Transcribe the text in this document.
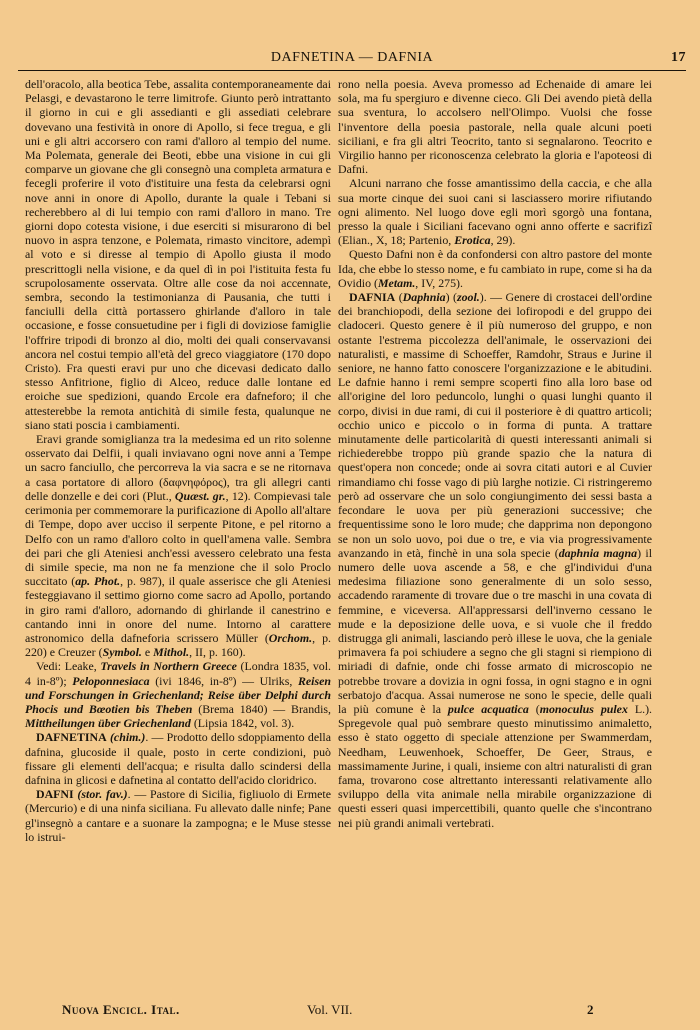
DAFNETINA — DAFNIA	17

dell'oracolo, alla beotica Tebe, assalita contemporaneamente dai Pelasgi, e devastarono le terre limitrofe. Giunto però intrattanto il giorno in cui e gli assedianti e gli assediati celebrare dovevano una festività in onore di Apollo, si fece tregua, e gli uni e gli altri accorsero con rami d'alloro al tempio del nume. Ma Polemata, generale dei Beoti, ebbe una visione in cui gli comparve un giovane che gli consegnò una completa armatura e fecegli proferire il voto d'istituire una festa da celebrarsi ogni nove anni in onore di Apollo, durante la quale i Tebani si recherebbero al di lui tempio con rami d'alloro in mano. Tre giorni dopo cotesta visione, i due eserciti si misurarono di bel nuovo in aspra tenzone, e Polemata, rimasto vincitore, adempì al voto e si diresse al tempio di Apollo giusta il modo prescrittogli nella visione, e da quel dì in poi l'istituita festa fu scrupolosamente osservata. Oltre alle cose da noi accennate, sembra, secondo la testimonianza di Pausania, che tutti i fanciulli della città portassero ghirlande d'alloro in tale occasione, e fosse consuetudine per i figli di doviziose famiglie l'offrire tripodi di bronzo al dio, molti dei quali conservavansi ancora nel costui tempio all'età del greco viaggiatore (170 dopo Cristo). Fra questi eravi pur uno che dicevasi dedicato dallo stesso Anfitrione, figlio di Alceo, reduce dalle lontane ed eroiche sue spedizioni, quando Ercole era dafneforo; il che attesterebbe la remota antichità di simile festa, qualunque ne siano stati poscia i cambiamenti.

Eravi grande somiglianza tra la medesima ed un rito solenne osservato dai Delfii, i quali inviavano ogni nove anni a Tempe un sacro fanciullo, che percorreva la via sacra e se ne ritornava a casa portatore di alloro (δαφνηφόρος), tra gli allegri canti delle donzelle e dei cori (Plut., Quæst. gr., 12). Compievasi tale cerimonia per commemorare la purificazione di Apollo all'altare di Tempe, dopo aver ucciso il serpente Pitone, e pel ritorno a Delfo con un ramo d'alloro colto in quell'amena valle. Sembra dei pari che gli Ateniesi anch'essi avessero celebrato una festa di simile specie, ma non ne fa menzione che il solo Proclo succitato (ap. Phot., p. 987), il quale asserisce che gli Ateniesi festeggiavano il settimo giorno come sacro ad Apollo, portando in giro rami d'alloro, adornando di ghirlande il canestrino e cantando inni in onore del nume. Intorno al carattere astronomico della dafneforia scrissero Müller (Orchom., p. 220) e Creuzer (Symbol. e Mithol., II, p. 160).

Vedi: Leake, Travels in Northern Greece (Londra 1835, vol. 4 in-8º); Peloponnesiaca (ivi 1846, in-8º) — Ulriks, Reisen und Forschungen in Griechenland; Reise über Delphi durch Phocis und Bœotien bis Theben (Brema 1840) — Brandis, Mittheilungen über Griechenland (Lipsia 1842, vol. 3).

DAFNETINA (chim.). — Prodotto dello sdoppiamento della dafnina, glucoside il quale, posto in certe condizioni, può fissare gli elementi dell'acqua; e risulta dallo scindersi della dafnina in glicosi e dafnetina al contatto dell'acido cloridrico.

DAFNI (stor. fav.). — Pastore di Sicilia, figliuolo di Ermete (Mercurio) e di una ninfa siciliana. Fu allevato dalle ninfe; Pane gl'insegnò a cantare e a suonare la zampogna; e le Muse stesse lo istrui-

rono nella poesia. Aveva promesso ad Echenaide di amare lei sola, ma fu spergiuro e divenne cieco. Gli Dei avendo pietà della sua sventura, lo accolsero nell'Olimpo. Vuolsi che fosse l'inventore della poesia pastorale, nella quale alcuni poeti siciliani, e fra gli altri Teocrito, tanto si segnalarono. Teocrito e Virgilio hanno per riconoscenza celebrato la gloria e l'apoteosi di Dafni.

Alcuni narrano che fosse amantissimo della caccia, e che alla sua morte cinque dei suoi cani si lasciassero morire rifiutando ogni alimento. Nel luogo dove egli morì sgorgò una fontana, presso la quale i Siciliani facevano ogni anno offerte e sacrifizî (Elian., X, 18; Partenio, Erotica, 29).

Questo Dafni non è da confondersi con altro pastore del monte Ida, che ebbe lo stesso nome, e fu cambiato in rupe, come si ha da Ovidio (Metam., IV, 275).

DAFNIA (Daphnia) (zool.). — Genere di crostacei dell'ordine dei branchiopodi, della sezione dei lofiropodi e del gruppo dei cladoceri. Questo genere è il più numeroso del gruppo, e non ostante l'estrema piccolezza dell'animale, le osservazioni dei naturalisti, e massime di Schoeffer, Ramdohr, Straus e Jurine il seniore, ne hanno fatto conoscere l'organizzazione e le abitudini. Le dafnie hanno i remi sempre scoperti fino alla loro base od all'origine del loro peduncolo, lunghi o quasi lunghi quanto il corpo, divisi in due rami, di cui il posteriore è di quattro articoli; occhio unico e piccolo o in forma di punta. A trattare minutamente delle particolarità di questi interessanti animali si richiederebbe troppo più grande spazio che la natura di quest'opera non concede; onde ai sovra citati autori e al Cuvier rimandiamo chi fosse vago di più larghe notizie. Ci ristringeremo però ad osservare che un solo congiungimento dei sessi basta a fecondare le uova per più generazioni successive; che frequentissime sono le loro mude; che dapprima non depongono se non un solo uovo, poi due o tre, e via via progressivamente avanzando in età, finchè in una sola specie (daphnia magna) il numero delle uova ascende a 58, e che gl'individui d'una medesima filiazione sono generalmente di un solo sesso, accadendo raramente di trovare due o tre maschi in una covata di femmine, e viceversa. All'appressarsi dell'inverno cessano le mude e la deposizione delle uova, e si vuole che il freddo distrugga gli animali, lasciando però illese le uova, che la geniale primavera fa poi schiudere a segno che gli stagni si riempiono di miriadi di dafnie, onde chi fosse armato di microscopio ne potrebbe trovare a dovizia in ogni fossa, in ogni stagno e in ogni serbatojo d'acqua. Assai numerose ne sono le specie, delle quali la più comune è la pulce acquatica (monoculus pulex L.). Spregevole qual può sembrare questo minutissimo animaletto, esso è stato oggetto di speciale attenzione per Swammerdam, Needham, Leuwenhoek, Schoeffer, De Geer, Straus, e massimamente Jurine, i quali, insieme con altri naturalisti di gran fama, trovarono cose altrettanto interessanti relativamente allo sviluppo della vita animale nella mirabile organizzazione di questi esseri quasi impercettibili, quanto quelle che s'incontrano nei più grandi animali vertebrati.

Nuova Encicl. Ital.	Vol. VII.	2
